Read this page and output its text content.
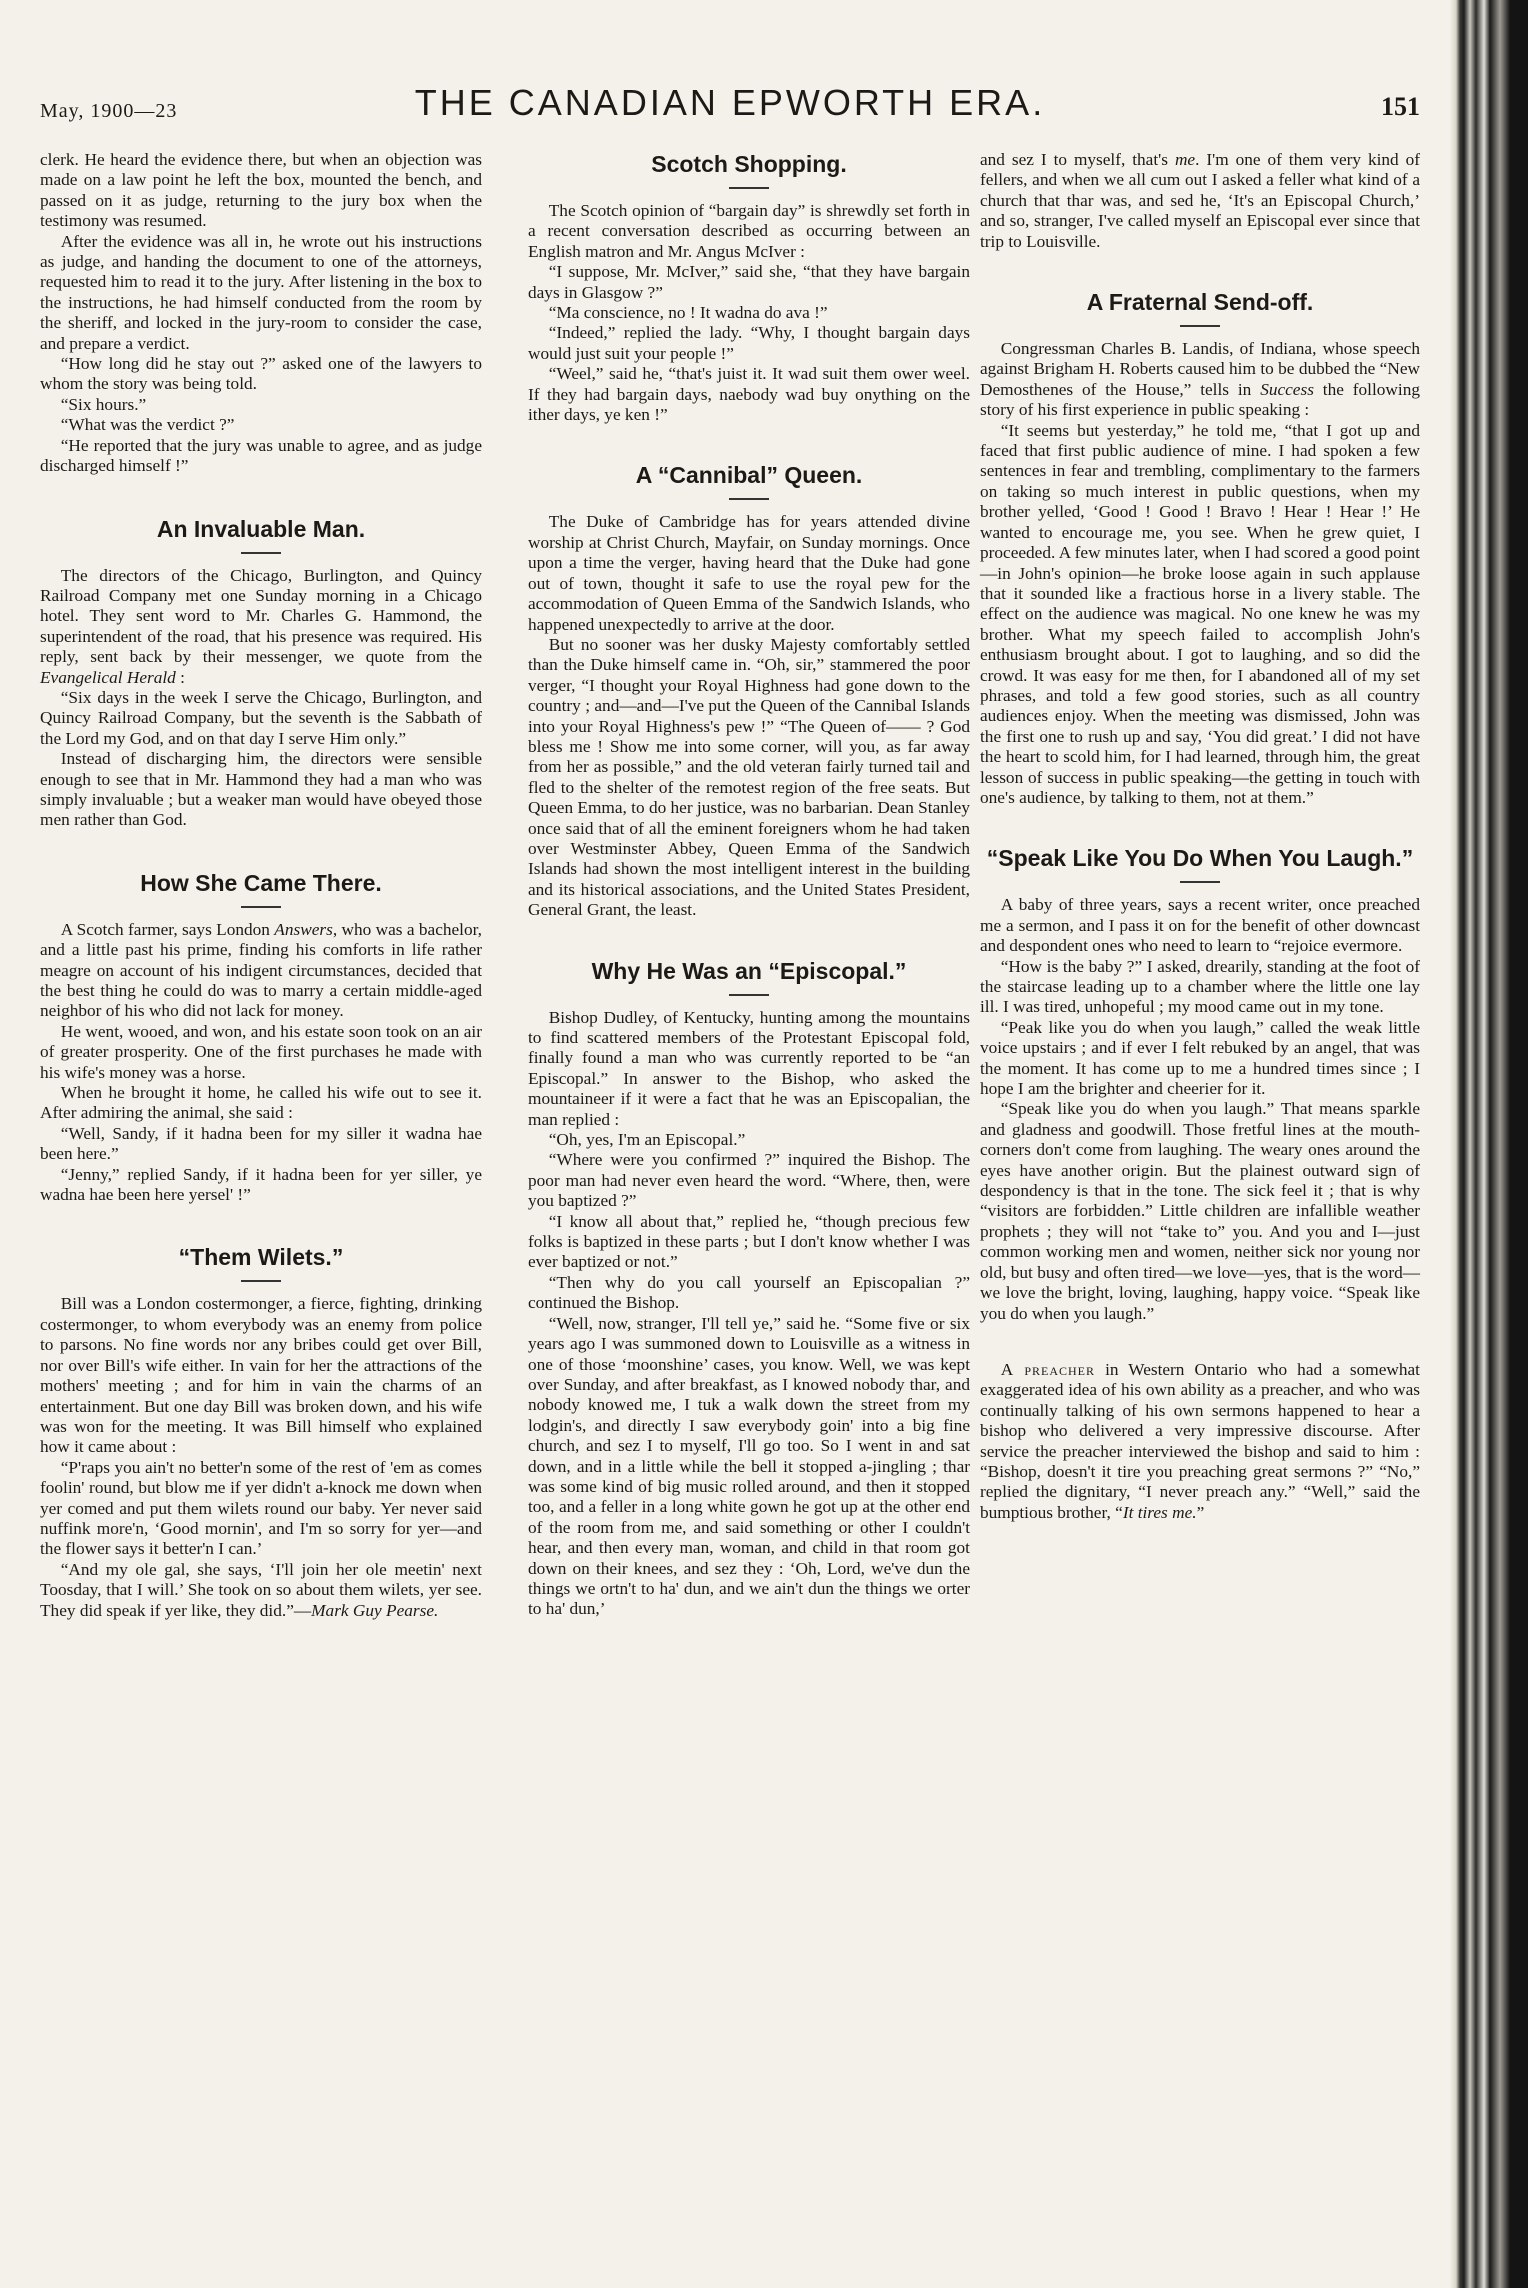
May, 1900—23	THE CANADIAN EPWORTH ERA.	151

clerk. He heard the evidence there, but when an objection was made on a law point he left the box, mounted the bench, and passed on it as judge, returning to the jury box when the testimony was resumed.

After the evidence was all in, he wrote out his instructions as judge, and handing the document to one of the attorneys, requested him to read it to the jury. After listening in the box to the instructions, he had himself conducted from the room by the sheriff, and locked in the jury-room to consider the case, and prepare a verdict.

“How long did he stay out ?” asked one of the lawyers to whom the story was being told.

“Six hours.”

“What was the verdict ?”

“He reported that the jury was unable to agree, and as judge discharged himself !”

An Invaluable Man.

The directors of the Chicago, Burlington, and Quincy Railroad Company met one Sunday morning in a Chicago hotel. They sent word to Mr. Charles G. Hammond, the superintendent of the road, that his presence was required. His reply, sent back by their messenger, we quote from the Evangelical Herald :

“Six days in the week I serve the Chicago, Burlington, and Quincy Railroad Company, but the seventh is the Sabbath of the Lord my God, and on that day I serve Him only.”

Instead of discharging him, the directors were sensible enough to see that in Mr. Hammond they had a man who was simply invaluable ; but a weaker man would have obeyed those men rather than God.

How She Came There.

A Scotch farmer, says London Answers, who was a bachelor, and a little past his prime, finding his comforts in life rather meagre on account of his indigent circumstances, decided that the best thing he could do was to marry a certain middle-aged neighbor of his who did not lack for money.

He went, wooed, and won, and his estate soon took on an air of greater prosperity. One of the first purchases he made with his wife's money was a horse.

When he brought it home, he called his wife out to see it. After admiring the animal, she said :

“Well, Sandy, if it hadna been for my siller it wadna hae been here.”

“Jenny,” replied Sandy, if it hadna been for yer siller, ye wadna hae been here yersel' !”

“Them Wilets.”

Bill was a London costermonger, a fierce, fighting, drinking costermonger, to whom everybody was an enemy from police to parsons. No fine words nor any bribes could get over Bill, nor over Bill's wife either. In vain for her the attractions of the mothers' meeting ; and for him in vain the charms of an entertainment. But one day Bill was broken down, and his wife was won for the meeting. It was Bill himself who explained how it came about :

“P'raps you ain't no better'n some of the rest of 'em as comes foolin' round, but blow me if yer didn't a-knock me down when yer comed and put them wilets round our baby. Yer never said nuffink more'n, ‘Good mornin', and I'm so sorry for yer—and the flower says it better'n I can.’

“And my ole gal, she says, ‘I'll join her ole meetin' next Toosday, that I will.’ She took on so about them wilets, yer see. They did speak if yer like, they did.”—Mark Guy Pearse.

Scotch Shopping.

The Scotch opinion of “bargain day” is shrewdly set forth in a recent conversation described as occurring between an English matron and Mr. Angus McIver :

“I suppose, Mr. McIver,” said she, “that they have bargain days in Glasgow ?”

“Ma conscience, no ! It wadna do ava !”

“Indeed,” replied the lady. “Why, I thought bargain days would just suit your people !”

“Weel,” said he, “that's juist it. It wad suit them ower weel. If they had bargain days, naebody wad buy onything on the ither days, ye ken !”

A “Cannibal” Queen.

The Duke of Cambridge has for years attended divine worship at Christ Church, Mayfair, on Sunday mornings. Once upon a time the verger, having heard that the Duke had gone out of town, thought it safe to use the royal pew for the accommodation of Queen Emma of the Sandwich Islands, who happened unexpectedly to arrive at the door.

But no sooner was her dusky Majesty comfortably settled than the Duke himself came in. “Oh, sir,” stammered the poor verger, “I thought your Royal Highness had gone down to the country ; and—and—I've put the Queen of the Cannibal Islands into your Royal Highness's pew !” “The Queen of—— ? God bless me ! Show me into some corner, will you, as far away from her as possible,” and the old veteran fairly turned tail and fled to the shelter of the remotest region of the free seats. But Queen Emma, to do her justice, was no barbarian. Dean Stanley once said that of all the eminent foreigners whom he had taken over Westminster Abbey, Queen Emma of the Sandwich Islands had shown the most intelligent interest in the building and its historical associations, and the United States President, General Grant, the least.

Why He Was an “Episcopal.”

Bishop Dudley, of Kentucky, hunting among the mountains to find scattered members of the Protestant Episcopal fold, finally found a man who was currently reported to be “an Episcopal.” In answer to the Bishop, who asked the mountaineer if it were a fact that he was an Episcopalian, the man replied :

“Oh, yes, I'm an Episcopal.”

“Where were you confirmed ?” inquired the Bishop. The poor man had never even heard the word. “Where, then, were you baptized ?”

“I know all about that,” replied he, “though precious few folks is baptized in these parts ; but I don't know whether I was ever baptized or not.”

“Then why do you call yourself an Episcopalian ?” continued the Bishop.

“Well, now, stranger, I'll tell ye,” said he. “Some five or six years ago I was summoned down to Louisville as a witness in one of those ‘moonshine’ cases, you know. Well, we was kept over Sunday, and after breakfast, as I knowed nobody thar, and nobody knowed me, I tuk a walk down the street from my lodgin's, and directly I saw everybody goin' into a big fine church, and sez I to myself, I'll go too. So I went in and sat down, and in a little while the bell it stopped a-jingling ; thar was some kind of big music rolled around, and then it stopped too, and a feller in a long white gown he got up at the other end of the room from me, and said something or other I couldn't hear, and then every man, woman, and child in that room got down on their knees, and sez they : ‘Oh, Lord, we've dun the things we ortn't to ha' dun, and we ain't dun the things we orter to ha' dun,’

and sez I to myself, that's me. I'm one of them very kind of fellers, and when we all cum out I asked a feller what kind of a church that thar was, and sed he, ‘It's an Episcopal Church,’ and so, stranger, I've called myself an Episcopal ever since that trip to Louisville.

A Fraternal Send-off.

Congressman Charles B. Landis, of Indiana, whose speech against Brigham H. Roberts caused him to be dubbed the “New Demosthenes of the House,” tells in Success the following story of his first experience in public speaking :

“It seems but yesterday,” he told me, “that I got up and faced that first public audience of mine. I had spoken a few sentences in fear and trembling, complimentary to the farmers on taking so much interest in public questions, when my brother yelled, ‘Good ! Good ! Bravo ! Hear ! Hear !’ He wanted to encourage me, you see. When he grew quiet, I proceeded. A few minutes later, when I had scored a good point—in John's opinion—he broke loose again in such applause that it sounded like a fractious horse in a livery stable. The effect on the audience was magical. No one knew he was my brother. What my speech failed to accomplish John's enthusiasm brought about. I got to laughing, and so did the crowd. It was easy for me then, for I abandoned all of my set phrases, and told a few good stories, such as all country audiences enjoy. When the meeting was dismissed, John was the first one to rush up and say, ‘You did great.’ I did not have the heart to scold him, for I had learned, through him, the great lesson of success in public speaking—the getting in touch with one's audience, by talking to them, not at them.”

“Speak Like You Do When You Laugh.”

A baby of three years, says a recent writer, once preached me a sermon, and I pass it on for the benefit of other downcast and despondent ones who need to learn to “rejoice evermore.

“How is the baby ?” I asked, drearily, standing at the foot of the staircase leading up to a chamber where the little one lay ill. I was tired, unhopeful ; my mood came out in my tone.

“Peak like you do when you laugh,” called the weak little voice upstairs ; and if ever I felt rebuked by an angel, that was the moment. It has come up to me a hundred times since ; I hope I am the brighter and cheerier for it.

“Speak like you do when you laugh.” That means sparkle and gladness and goodwill. Those fretful lines at the mouth-corners don't come from laughing. The weary ones around the eyes have another origin. But the plainest outward sign of despondency is that in the tone. The sick feel it ; that is why “visitors are forbidden.” Little children are infallible weather prophets ; they will not “take to” you. And you and I—just common working men and women, neither sick nor young nor old, but busy and often tired—we love—yes, that is the word—we love the bright, loving, laughing, happy voice. “Speak like you do when you laugh.”

A preacher in Western Ontario who had a somewhat exaggerated idea of his own ability as a preacher, and who was continually talking of his own sermons happened to hear a bishop who delivered a very impressive discourse. After service the preacher interviewed the bishop and said to him : “Bishop, doesn't it tire you preaching great sermons ?” “No,” replied the dignitary, “I never preach any.” “Well,” said the bumptious brother, “It tires me.”
